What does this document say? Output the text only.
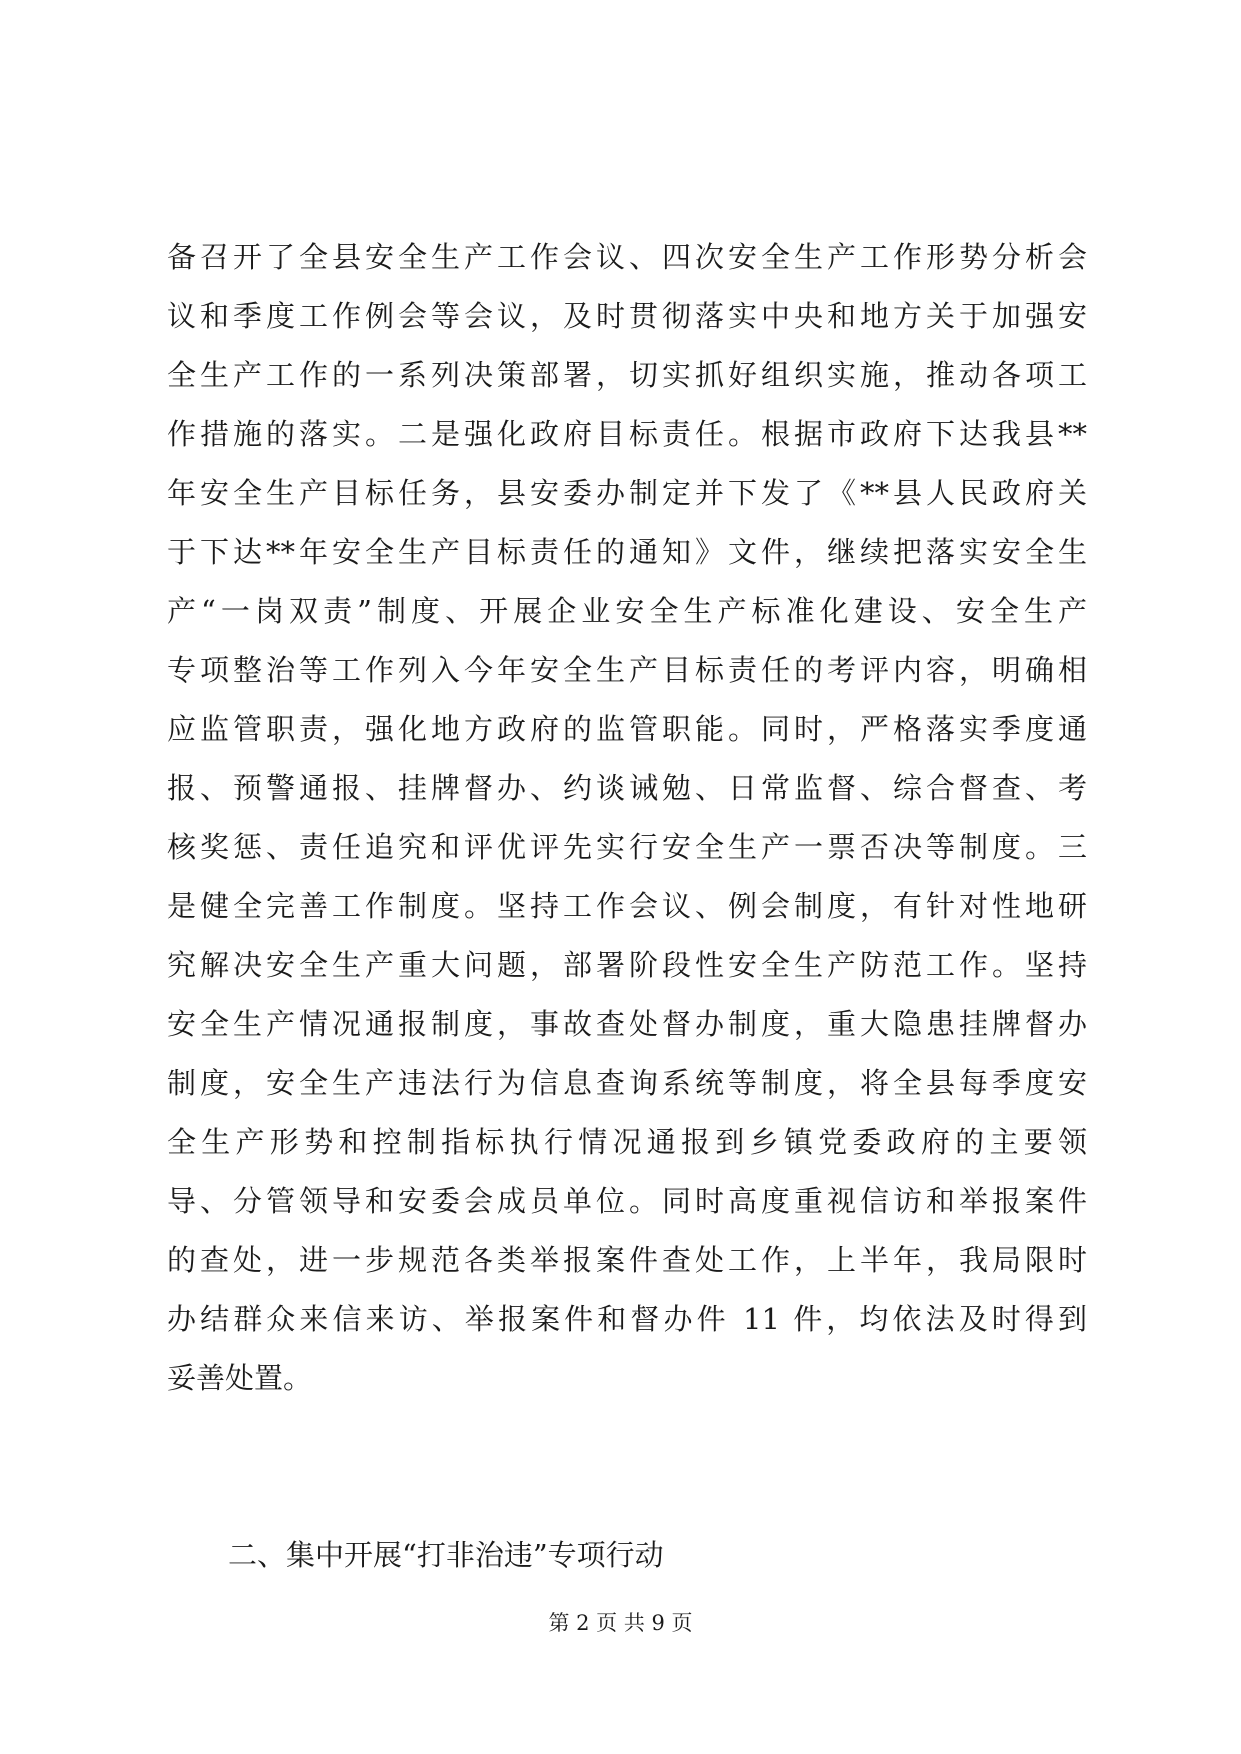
备召开了全县安全生产工作会议、四次安全生产工作形势分析会
议和季度工作例会等会议，及时贯彻落实中央和地方关于加强安
全生产工作的一系列决策部署，切实抓好组织实施，推动各项工
作措施的落实。二是强化政府目标责任。根据市政府下达我县**
年安全生产目标任务，县安委办制定并下发了《**县人民政府关
于下达**年安全生产目标责任的通知》文件，继续把落实安全生
产“一岗双责”制度、开展企业安全生产标准化建设、安全生产
专项整治等工作列入今年安全生产目标责任的考评内容，明确相
应监管职责，强化地方政府的监管职能。同时，严格落实季度通
报、预警通报、挂牌督办、约谈诫勉、日常监督、综合督查、考
核奖惩、责任追究和评优评先实行安全生产一票否决等制度。三
是健全完善工作制度。坚持工作会议、例会制度，有针对性地研
究解决安全生产重大问题，部署阶段性安全生产防范工作。坚持
安全生产情况通报制度，事故查处督办制度，重大隐患挂牌督办
制度，安全生产违法行为信息查询系统等制度，将全县每季度安
全生产形势和控制指标执行情况通报到乡镇党委政府的主要领
导、分管领导和安委会成员单位。同时高度重视信访和举报案件
的查处，进一步规范各类举报案件查处工作，上半年，我局限时
办结群众来信来访、举报案件和督办件 11 件，均依法及时得到
妥善处置。
二、集中开展“打非治违”专项行动
第 2 页 共 9 页
